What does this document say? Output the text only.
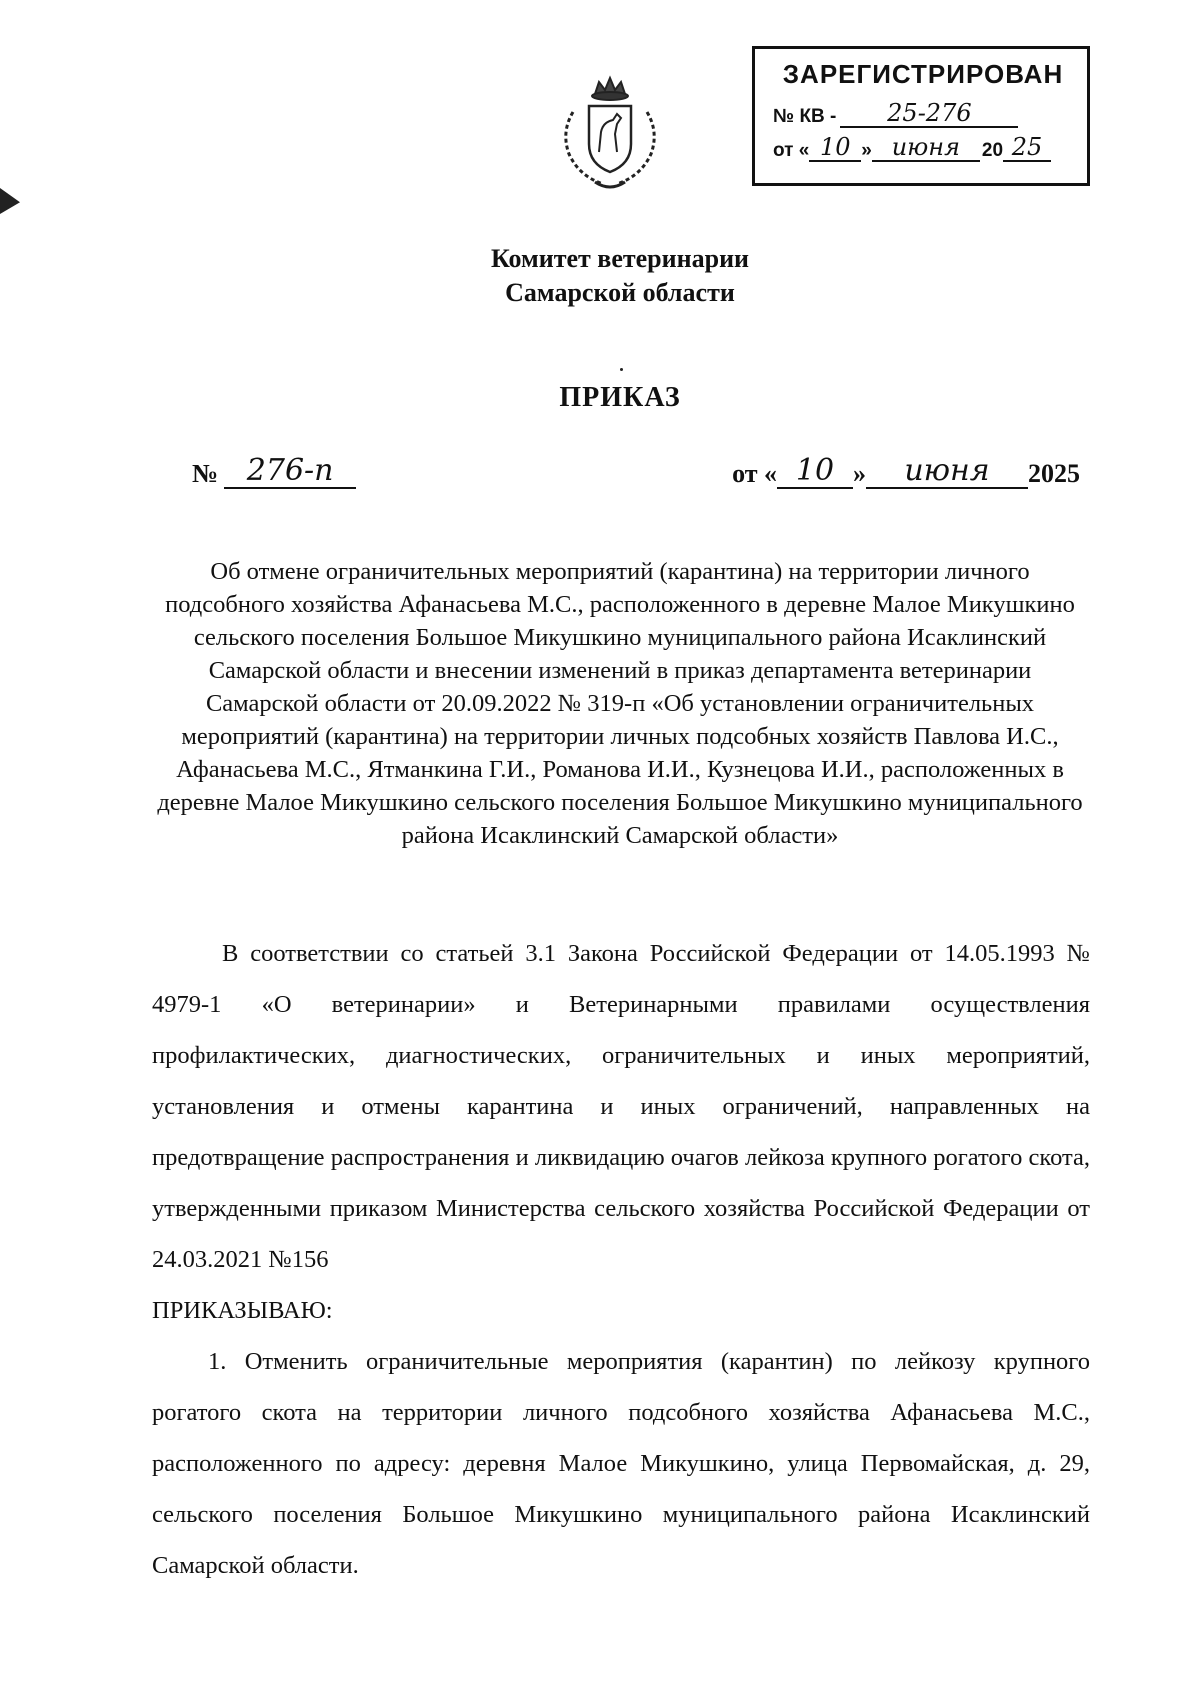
ЗАРЕГИСТРИРОВАН
№ КВ -	25-276
от « 10 » июня	20 25
Комитет ветеринарии
Самарской области
ПРИКАЗ
№ 276-п	от « 10 »	июня	2025
Об отмене ограничительных мероприятий (карантина) на территории личного подсобного хозяйства Афанасьева М.С., расположенного в деревне Малое Микушкино сельского поселения Большое Микушкино муниципального района Исаклинский Самарской области и внесении изменений в приказ департамента ветеринарии Самарской области от 20.09.2022 № 319-п «Об установлении ограничительных мероприятий (карантина) на территории личных подсобных хозяйств Павлова И.С., Афанасьева М.С., Ятманкина Г.И., Романова И.И., Кузнецова И.И., расположенных в деревне Малое Микушкино сельского поселения Большое Микушкино муниципального района Исаклинский Самарской области»

В соответствии со статьей 3.1 Закона Российской Федерации от 14.05.1993 № 4979-1 «О ветеринарии» и Ветеринарными правилами осуществления профилактических, диагностических, ограничительных и иных мероприятий, установления и отмены карантина и иных ограничений, направленных на предотвращение распространения и ликвидацию очагов лейкоза крупного рогатого скота, утвержденными приказом Министерства сельского хозяйства Российской Федерации от 24.03.2021 №156

ПРИКАЗЫВАЮ:

1. Отменить ограничительные мероприятия (карантин) по лейкозу крупного рогатого скота на территории личного подсобного хозяйства Афанасьева М.С., расположенного по адресу: деревня Малое Микушкино, улица Первомайская, д. 29, сельского поселения Большое Микушкино муниципального района Исаклинский Самарской области.
